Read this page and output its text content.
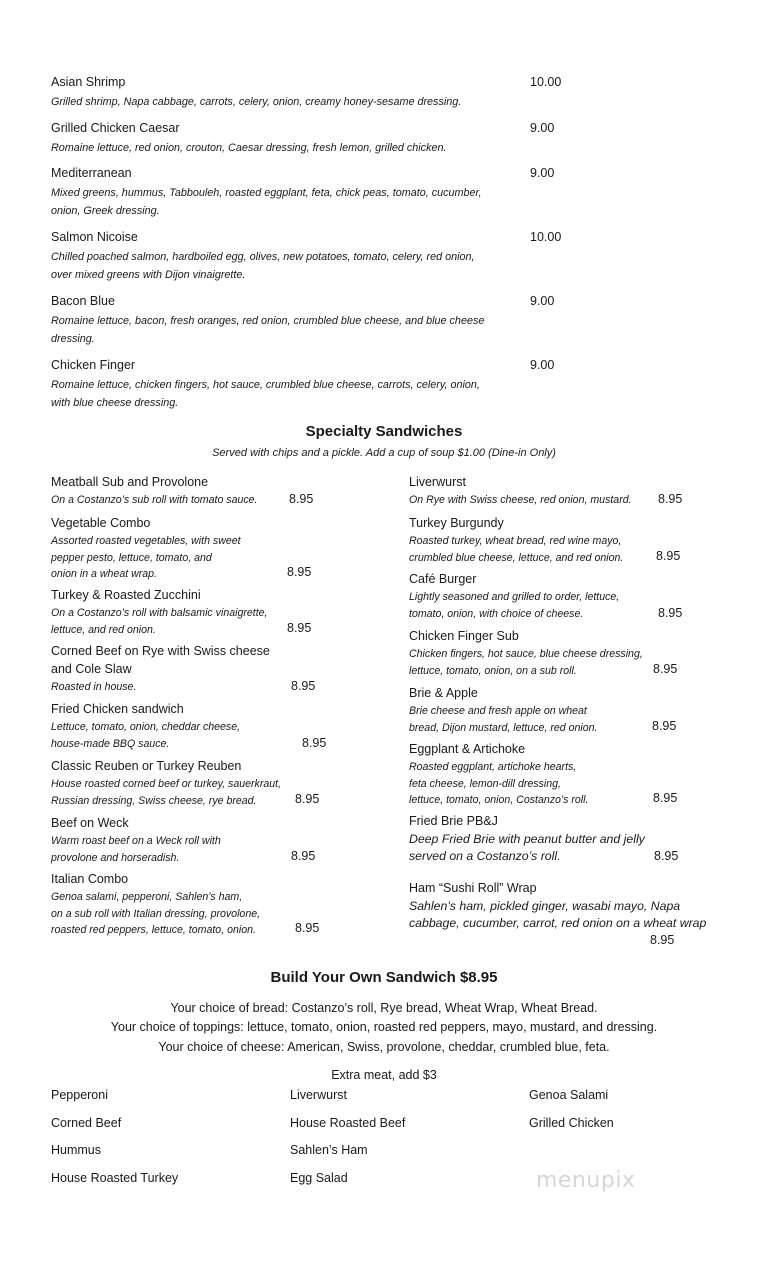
Asian Shrimp	10.00
Grilled shrimp, Napa cabbage, carrots, celery, onion, creamy honey-sesame dressing.
Grilled Chicken Caesar	9.00
Romaine lettuce, red onion, crouton, Caesar dressing, fresh lemon, grilled chicken.
Mediterranean	9.00
Mixed greens, hummus, Tabbouleh, roasted eggplant, feta, chick peas, tomato, cucumber,
onion, Greek dressing.
Salmon Nicoise	10.00
Chilled poached salmon, hardboiled egg, olives, new potatoes, tomato, celery, red onion,
over mixed greens with Dijon vinaigrette.
Bacon Blue	9.00
Romaine lettuce, bacon, fresh oranges, red onion, crumbled blue cheese, and blue cheese
dressing.
Chicken Finger	9.00
Romaine lettuce, chicken fingers, hot sauce, crumbled blue cheese, carrots, celery, onion,
with blue cheese dressing.
Specialty Sandwiches
Served with chips and a pickle. Add a cup of soup $1.00 (Dine-in Only)
Meatball Sub and Provolone
On a Costanzo’s sub roll with tomato sauce.	8.95
Vegetable Combo
Assorted roasted vegetables, with sweet
pepper pesto, lettuce, tomato, and
onion in a wheat wrap.	8.95
Turkey & Roasted Zucchini
On a Costanzo’s roll with balsamic vinaigrette,
lettuce, and red onion.	8.95
Corned Beef on Rye with Swiss cheese
and Cole Slaw
Roasted in house.	8.95
Fried Chicken sandwich
Lettuce, tomato, onion, cheddar cheese,
house-made BBQ sauce.	8.95
Classic Reuben or Turkey Reuben
House roasted corned beef or turkey, sauerkraut,
Russian dressing, Swiss cheese, rye bread.	8.95
Beef on Weck
Warm roast beef on a Weck roll with
provolone and horseradish.	8.95
Italian Combo
Genoa salami, pepperoni, Sahlen’s ham,
on a sub roll with Italian dressing, provolone,
roasted red peppers, lettuce, tomato, onion.	8.95
Liverwurst
On Rye with Swiss cheese, red onion, mustard. 8.95
Turkey Burgundy
Roasted turkey, wheat bread, red wine mayo,
crumbled blue cheese, lettuce, and red onion.	8.95
Café Burger
Lightly seasoned and grilled to order, lettuce,
tomato, onion, with choice of cheese.	8.95
Chicken Finger Sub
Chicken fingers, hot sauce, blue cheese dressing,
lettuce, tomato, onion, on a sub roll.	8.95
Brie & Apple
Brie cheese and fresh apple on wheat
bread, Dijon mustard, lettuce, red onion.	8.95
Eggplant & Artichoke
Roasted eggplant, artichoke hearts,
feta cheese, lemon-dill dressing,
lettuce, tomato, onion, Costanzo’s roll.	8.95
Fried Brie PB&J
Deep Fried Brie with peanut butter and jelly
served on a Costanzo’s roll.	8.95
Ham “Sushi Roll” Wrap
Sahlen’s ham, pickled ginger, wasabi mayo, Napa
cabbage, cucumber, carrot, red onion on a wheat wrap
8.95
Build Your Own Sandwich $8.95
Your choice of bread: Costanzo’s roll, Rye bread, Wheat Wrap, Wheat Bread.
Your choice of toppings: lettuce, tomato, onion, roasted red peppers, mayo, mustard, and dressing.
Your choice of cheese: American, Swiss, provolone, cheddar, crumbled blue, feta.
Extra meat, add $3
Pepperoni	Liverwurst	Genoa Salami
Corned Beef	House Roasted Beef	Grilled Chicken
Hummus	Sahlen’s Ham
House Roasted Turkey	Egg Salad	menupix
